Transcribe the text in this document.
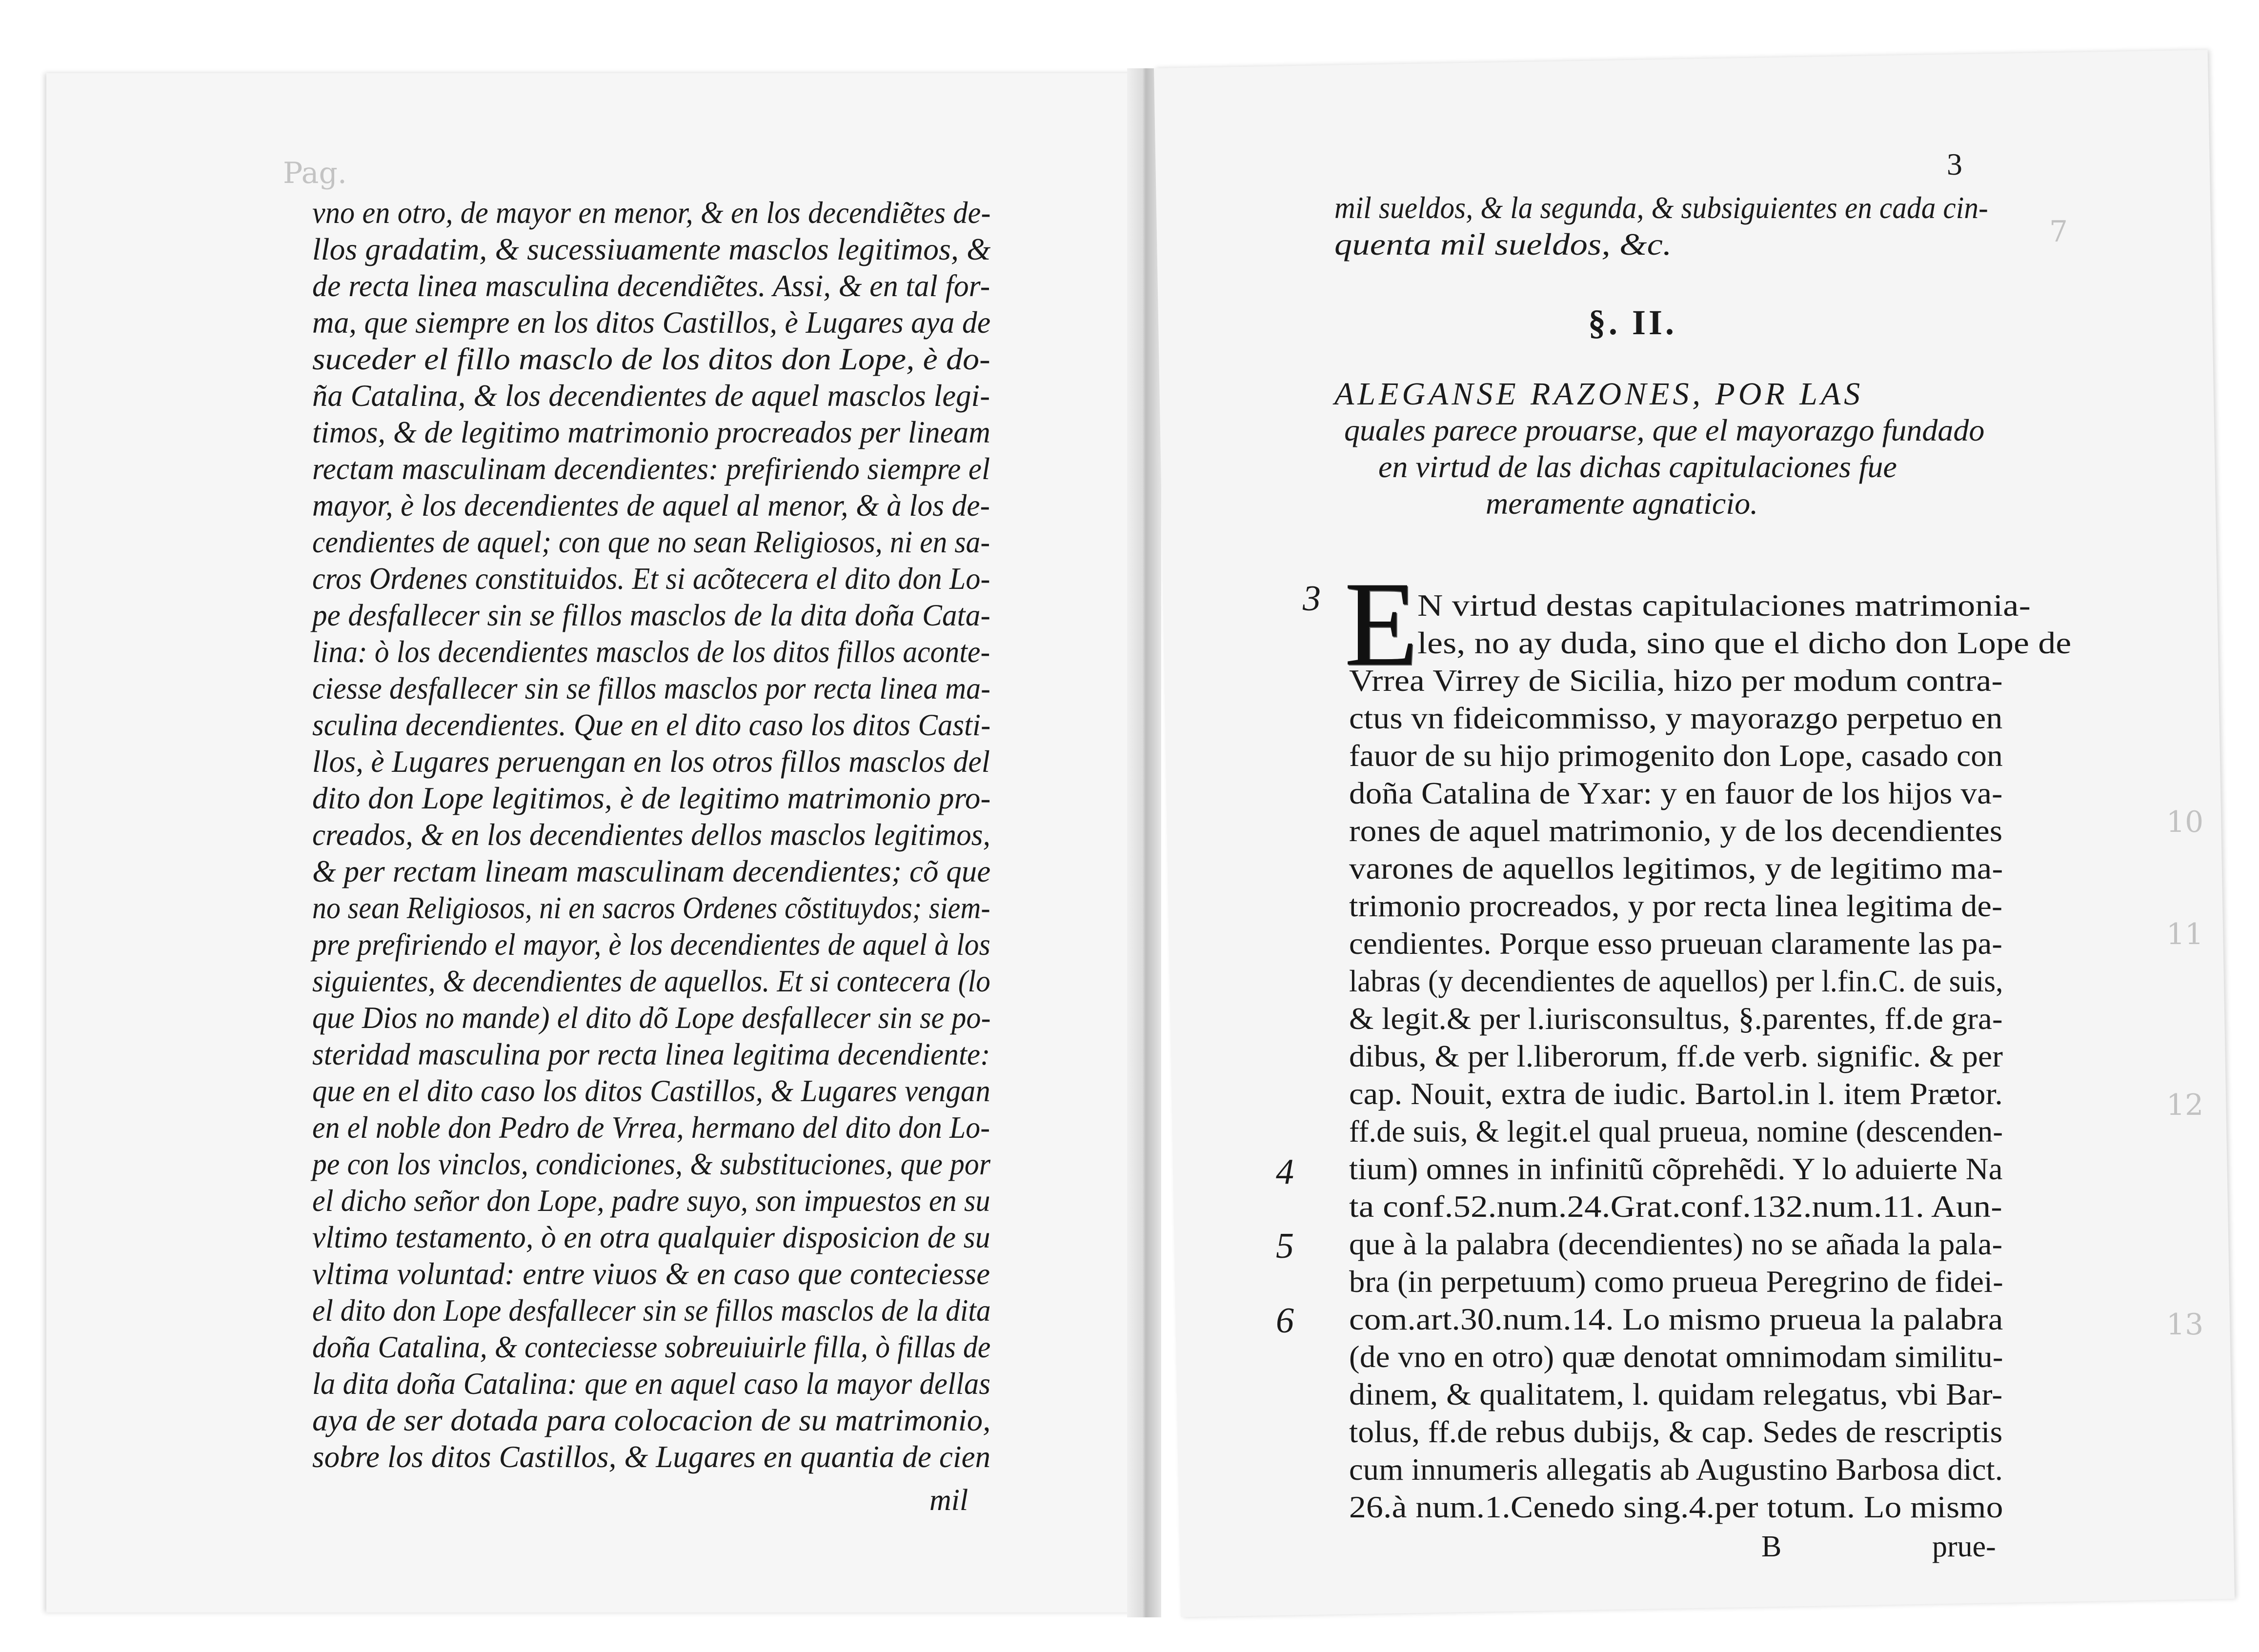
Pag.
7
10
11
12
13
vno en otro, de mayor en menor, & en los decendiẽtes de-
llos gradatim, & sucessiuamente masclos legitimos, &
de recta linea masculina decendiẽtes. Assi, & en tal for-
ma, que siempre en los ditos Castillos, è Lugares aya de
suceder el fillo masclo de los ditos don Lope, è do-
ña Catalina, & los decendientes de aquel masclos legi-
timos, & de legitimo matrimonio procreados per lineam
rectam masculinam decendientes: prefiriendo siempre el
mayor, è los decendientes de aquel al menor, & à los de-
cendientes de aquel; con que no sean Religiosos, ni en sa-
cros Ordenes constituidos. Et si acõtecera el dito don Lo-
pe desfallecer sin se fillos masclos de la dita doña Cata-
lina: ò los decendientes masclos de los ditos fillos aconte-
ciesse desfallecer sin se fillos masclos por recta linea ma-
sculina decendientes. Que en el dito caso los ditos Casti-
llos, è Lugares peruengan en los otros fillos masclos del
dito don Lope legitimos, è de legitimo matrimonio pro-
creados, & en los decendientes dellos masclos legitimos,
& per rectam lineam masculinam decendientes; cõ que
no sean Religiosos, ni en sacros Ordenes cõstituydos; siem-
pre prefiriendo el mayor, è los decendientes de aquel à los
siguientes, & decendientes de aquellos. Et si contecera (lo
que Dios no mande) el dito dõ Lope desfallecer sin se po-
steridad masculina por recta linea legitima decendiente:
que en el dito caso los ditos Castillos, & Lugares vengan
en el noble don Pedro de Vrrea, hermano del dito don Lo-
pe con los vinclos, condiciones, & substituciones, que por
el dicho señor don Lope, padre suyo, son impuestos en su
vltimo testamento, ò en otra qualquier disposicion de su
vltima voluntad: entre viuos & en caso que conteciesse
el dito don Lope desfallecer sin se fillos masclos de la dita
doña Catalina, & conteciesse sobreuiuirle filla, ò fillas de
la dita doña Catalina: que en aquel caso la mayor dellas
aya de ser dotada para colocacion de su matrimonio,
sobre los ditos Castillos, & Lugares en quantia de cien
mil
3
mil sueldos, & la segunda, & subsiguientes en cada cin-
quenta mil sueldos, &c.
§. II.
ALEGANSE RAZONES, POR LAS
quales parece prouarse, que el mayorazgo fundado
en virtud de las dichas capitulaciones fue
meramente agnaticio.
E
3	N virtud destas capitulaciones matrimonia-
les, no ay duda, sino que el dicho don Lope de
Vrrea Virrey de Sicilia, hizo per modum contra-
ctus vn fideicommisso, y mayorazgo perpetuo en
fauor de su hijo primogenito don Lope, casado con
doña Catalina de Yxar: y en fauor de los hijos va-
rones de aquel matrimonio, y de los decendientes
varones de aquellos legitimos, y de legitimo ma-
trimonio procreados, y por recta linea legitima de-
cendientes. Porque esso prueuan claramente las pa-
labras (y decendientes de aquellos) per l.fin.C. de suis,
& legit.& per l.iurisconsultus, §.parentes, ff.de gra-
dibus, & per l.liberorum, ff.de verb. signific. & per
cap. Nouit, extra de iudic. Bartol.in l. item Prætor.
ff.de suis, & legit.el qual prueua, nomine (descenden-
4 tium) omnes in infinitũ cõprehẽdi. Y lo aduierte Na
ta conf.52.num.24.Grat.conf.132.num.11. Aun-
5 que à la palabra (decendientes) no se añada la pala-
bra (in perpetuum) como prueua Peregrino de fidei-
com.art.30.num.14. Lo mismo prueua la palabra
6
(de vno en otro) quæ denotat omnimodam similitu-
dinem, & qualitatem, l. quidam relegatus, vbi Bar-
tolus, ff.de rebus dubijs, & cap. Sedes de rescriptis
cum innumeris allegatis ab Augustino Barbosa dict.
26.à num.1.Cenedo sing.4.per totum. Lo mismo
B	prue-
